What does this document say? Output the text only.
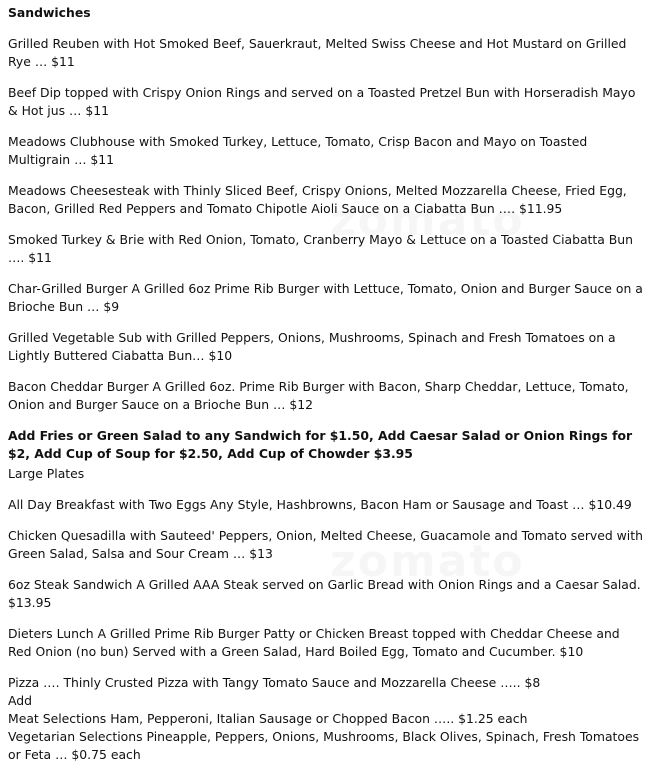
Sandwiches
Grilled Reuben with Hot Smoked Beef, Sauerkraut, Melted Swiss Cheese and Hot Mustard on Grilled Rye … $11
Beef Dip topped with Crispy Onion Rings and served on a Toasted Pretzel Bun with Horseradish Mayo & Hot jus … $11
Meadows Clubhouse with Smoked Turkey, Lettuce, Tomato, Crisp Bacon and Mayo on Toasted Multigrain … $11
Meadows Cheesesteak with Thinly Sliced Beef, Crispy Onions, Melted Mozzarella Cheese, Fried Egg, Bacon, Grilled Red Peppers and Tomato Chipotle Aioli Sauce on a Ciabatta Bun …. $11.95
Smoked Turkey & Brie with Red Onion, Tomato, Cranberry Mayo & Lettuce on a Toasted Ciabatta Bun …. $11
Char-Grilled Burger A Grilled 6oz Prime Rib Burger with Lettuce, Tomato, Onion and Burger Sauce on a Brioche Bun … $9
Grilled Vegetable Sub with Grilled Peppers, Onions, Mushrooms, Spinach and Fresh Tomatoes on a Lightly Buttered Ciabatta Bun… $10
Bacon Cheddar Burger A Grilled 6oz. Prime Rib Burger with Bacon, Sharp Cheddar, Lettuce, Tomato, Onion and Burger Sauce on a Brioche Bun … $12
Add Fries or Green Salad to any Sandwich for $1.50, Add Caesar Salad or Onion Rings for $2, Add Cup of Soup for $2.50, Add Cup of Chowder $3.95
Large Plates
All Day Breakfast with Two Eggs Any Style, Hashbrowns, Bacon Ham or Sausage and Toast … $10.49
Chicken Quesadilla with Sauteed' Peppers, Onion, Melted Cheese, Guacamole and Tomato served with Green Salad, Salsa and Sour Cream … $13
6oz Steak Sandwich A Grilled AAA Steak served on Garlic Bread with Onion Rings and a Caesar Salad. $13.95
Dieters Lunch A Grilled Prime Rib Burger Patty or Chicken Breast topped with Cheddar Cheese and Red Onion (no bun) Served with a Green Salad, Hard Boiled Egg, Tomato and Cucumber. $10
Pizza …. Thinly Crusted Pizza with Tangy Tomato Sauce and Mozzarella Cheese ….. $8
Add
Meat Selections Ham, Pepperoni, Italian Sausage or Chopped Bacon ….. $1.25 each
Vegetarian Selections Pineapple, Peppers, Onions, Mushrooms, Black Olives, Spinach, Fresh Tomatoes or Feta … $0.75 each
